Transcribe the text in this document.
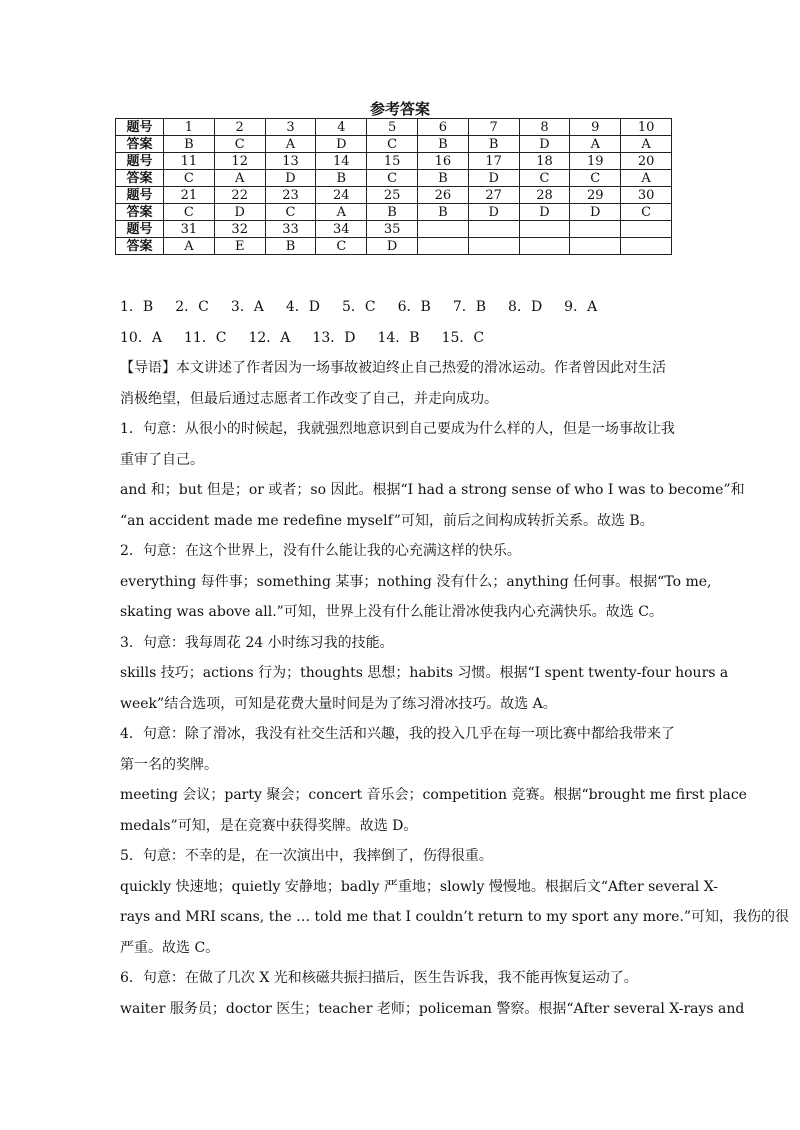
参考答案
题号	1	2	3	4	5	6	7	8	9	10
答案	B	C	A	D	C	B	B	D	A	A
题号	11	12	13	14	15	16	17	18	19	20
答案	C	A	D	B	C	B	D	C	C	A
题号	21	22	23	24	25	26	27	28	29	30
答案	C	D	C	A	B	B	D	D	D	C
题号	31	32	33	34	35					
答案	A	E	B	C	D					
1．B 2．C 3．A 4．D 5．C 6．B 7．B 8．D 9．A
10．A 11．C 12．A 13．D 14．B 15．C
【导语】本文讲述了作者因为一场事故被迫终止自己热爱的滑冰运动。作者曾因此对生活
消极绝望，但最后通过志愿者工作改变了自己，并走向成功。
1．句意：从很小的时候起，我就强烈地意识到自己要成为什么样的人，但是一场事故让我
重审了自己。
and 和；but 但是；or 或者；so 因此。根据“I had a strong sense of who I was to become”和
“an accident made me redefine myself”可知，前后之间构成转折关系。故选 B。
2．句意：在这个世界上，没有什么能让我的心充满这样的快乐。
everything 每件事；something 某事；nothing 没有什么；anything 任何事。根据“To me,
skating was above all.”可知，世界上没有什么能让滑冰使我内心充满快乐。故选 C。
3．句意：我每周花 24 小时练习我的技能。
skills 技巧；actions 行为；thoughts 思想；habits 习惯。根据“I spent twenty-four hours a
week”结合选项，可知是花费大量时间是为了练习滑冰技巧。故选 A。
4．句意：除了滑冰，我没有社交生活和兴趣，我的投入几乎在每一项比赛中都给我带来了
第一名的奖牌。
meeting 会议；party 聚会；concert 音乐会；competition 竞赛。根据“brought me first place
medals”可知，是在竞赛中获得奖牌。故选 D。
5．句意：不幸的是，在一次演出中，我摔倒了，伤得很重。
quickly 快速地；quietly 安静地；badly 严重地；slowly 慢慢地。根据后文“After several X-
rays and MRI scans, the … told me that I couldn’t return to my sport any more.”可知，我伤的很
严重。故选 C。
6．句意：在做了几次 X 光和核磁共振扫描后，医生告诉我，我不能再恢复运动了。
waiter 服务员；doctor 医生；teacher 老师；policeman 警察。根据“After several X-rays and
